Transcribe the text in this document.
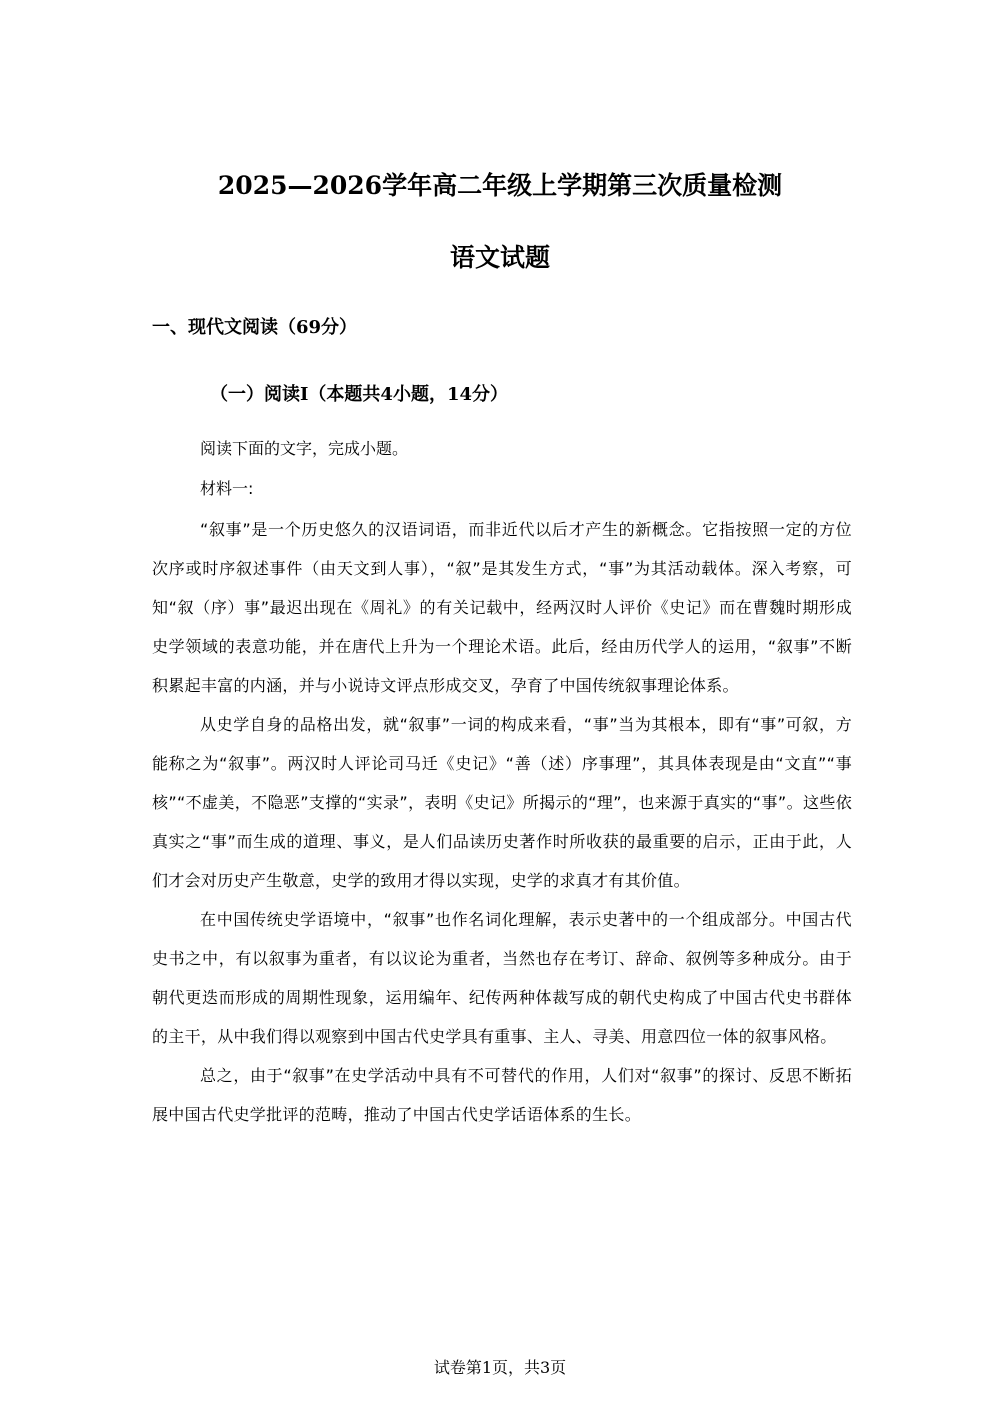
2025—2026学年高二年级上学期第三次质量检测
语文试题
一、现代文阅读（69分）
（一）阅读I（本题共4小题，14分）
阅读下面的文字，完成小题。
材料一:

“叙事”是一个历史悠久的汉语词语，而非近代以后才产生的新概念。它指按照一定的方位次序或时序叙述事件（由天文到人事），“叙”是其发生方式，“事”为其活动载体。深入考察，可知“叙（序）事”最迟出现在《周礼》的有关记载中，经两汉时人评价《史记》而在曹魏时期形成史学领域的表意功能，并在唐代上升为一个理论术语。此后，经由历代学人的运用，“叙事”不断积累起丰富的内涵，并与小说诗文评点形成交叉，孕育了中国传统叙事理论体系。

从史学自身的品格出发，就“叙事”一词的构成来看，“事”当为其根本，即有“事”可叙，方能称之为“叙事”。两汉时人评论司马迁《史记》“善（述）序事理”，其具体表现是由“文直”“事核”“不虚美，不隐恶”支撑的“实录”，表明《史记》所揭示的“理”，也来源于真实的“事”。这些依真实之“事”而生成的道理、事义，是人们品读历史著作时所收获的最重要的启示，正由于此，人们才会对历史产生敬意，史学的致用才得以实现，史学的求真才有其价值。

在中国传统史学语境中，“叙事”也作名词化理解，表示史著中的一个组成部分。中国古代史书之中，有以叙事为重者，有以议论为重者，当然也存在考订、辞命、叙例等多种成分。由于朝代更迭而形成的周期性现象，运用编年、纪传两种体裁写成的朝代史构成了中国古代史书群体的主干，从中我们得以观察到中国古代史学具有重事、主人、寻美、用意四位一体的叙事风格。

总之，由于“叙事”在史学活动中具有不可替代的作用，人们对“叙事”的探讨、反思不断拓展中国古代史学批评的范畴，推动了中国古代史学话语体系的生长。

试卷第1页，共3页
